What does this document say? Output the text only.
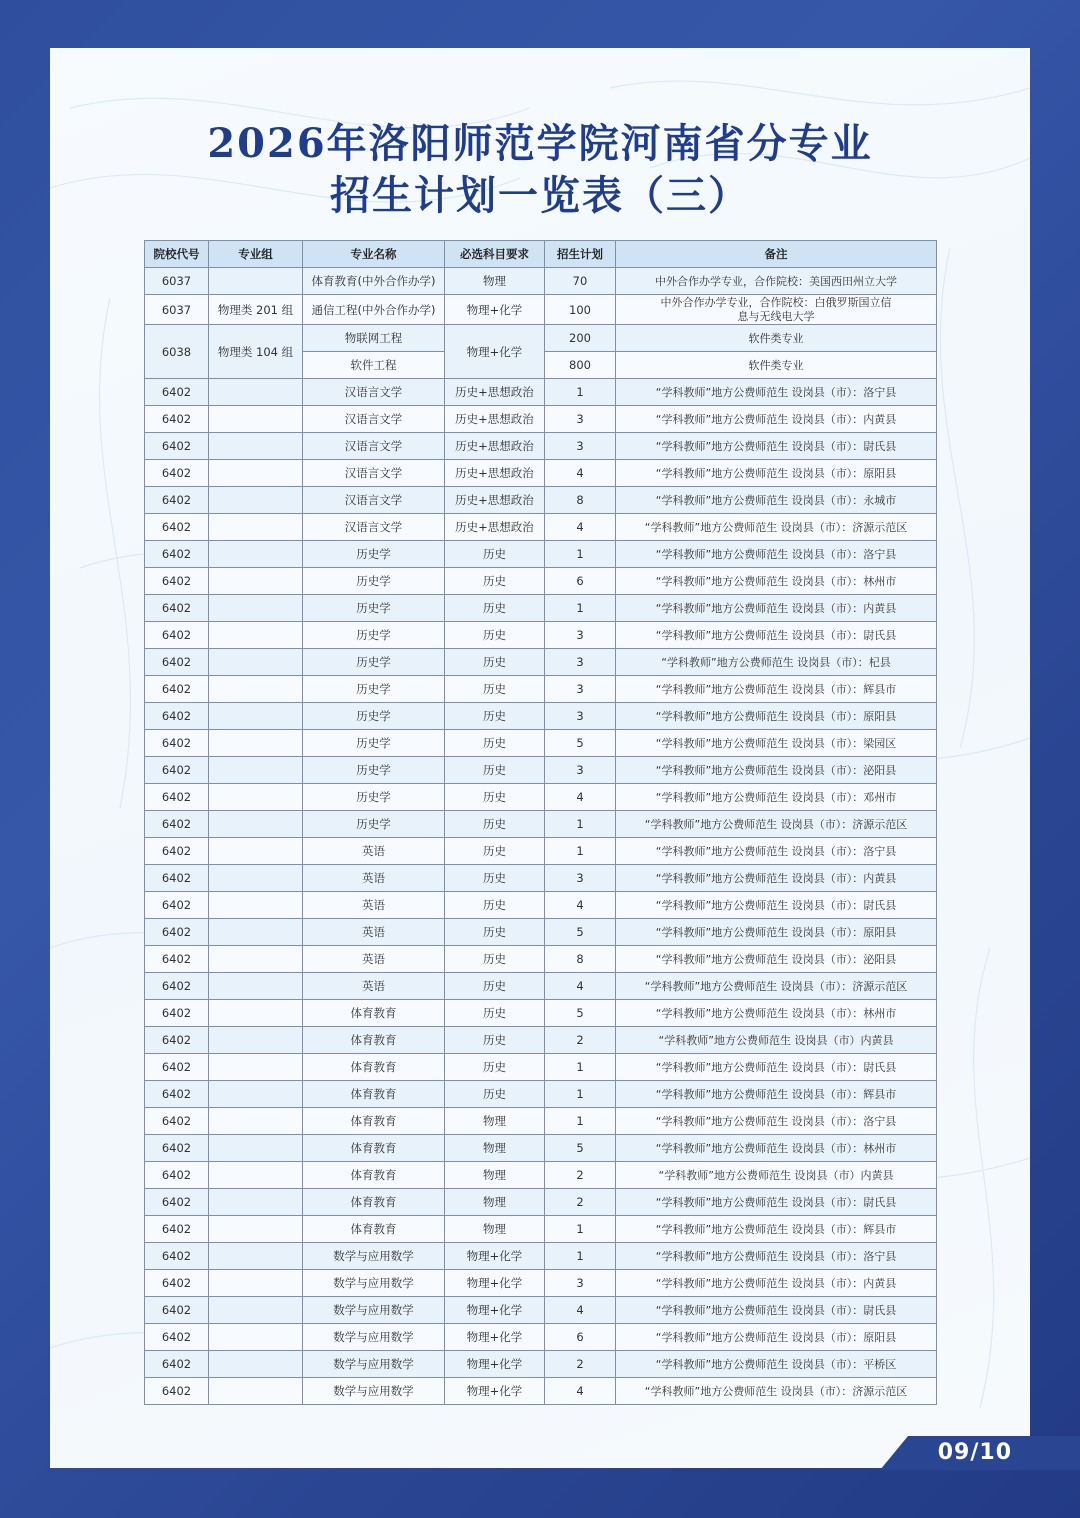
2026年洛阳师范学院河南省分专业
招生计划一览表（三）
院校代号	专业组	专业名称	必选科目要求	招生计划	备注
6037		体育教育(中外合作办学)	物理	70	中外合作办学专业，合作院校：美国西田州立大学
6037	物理类 201 组	通信工程(中外合作办学)	物理+化学	100	中外合作办学专业，合作院校：白俄罗斯国立信息与无线电大学
6038	物理类 104 组	物联网工程	物理+化学	200	软件类专业
		软件工程		800	软件类专业
6402		汉语言文学	历史+思想政治	1	“学科教师”地方公费师范生 设岗县（市）：洛宁县
6402		汉语言文学	历史+思想政治	3	“学科教师”地方公费师范生 设岗县（市）：内黄县
6402		汉语言文学	历史+思想政治	3	“学科教师”地方公费师范生 设岗县（市）：尉氏县
6402		汉语言文学	历史+思想政治	4	“学科教师”地方公费师范生 设岗县（市）：原阳县
6402		汉语言文学	历史+思想政治	8	“学科教师”地方公费师范生 设岗县（市）：永城市
6402		汉语言文学	历史+思想政治	4	“学科教师”地方公费师范生 设岗县（市）：济源示范区
6402		历史学	历史	1	“学科教师”地方公费师范生 设岗县（市）：洛宁县
6402		历史学	历史	6	“学科教师”地方公费师范生 设岗县（市）：林州市
6402		历史学	历史	1	“学科教师”地方公费师范生 设岗县（市）：内黄县
6402		历史学	历史	3	“学科教师”地方公费师范生 设岗县（市）：尉氏县
6402		历史学	历史	3	“学科教师”地方公费师范生 设岗县（市）：杞县
6402		历史学	历史	3	“学科教师”地方公费师范生 设岗县（市）：辉县市
6402		历史学	历史	3	“学科教师”地方公费师范生 设岗县（市）：原阳县
6402		历史学	历史	5	“学科教师”地方公费师范生 设岗县（市）：梁园区
6402		历史学	历史	3	“学科教师”地方公费师范生 设岗县（市）：泌阳县
6402		历史学	历史	4	“学科教师”地方公费师范生 设岗县（市）：邓州市
6402		历史学	历史	1	“学科教师”地方公费师范生 设岗县（市）：济源示范区
6402		英语	历史	1	“学科教师”地方公费师范生 设岗县（市）：洛宁县
6402		英语	历史	3	“学科教师”地方公费师范生 设岗县（市）：内黄县
6402		英语	历史	4	“学科教师”地方公费师范生 设岗县（市）：尉氏县
6402		英语	历史	5	“学科教师”地方公费师范生 设岗县（市）：原阳县
6402		英语	历史	8	“学科教师”地方公费师范生 设岗县（市）：泌阳县
6402		英语	历史	4	“学科教师”地方公费师范生 设岗县（市）：济源示范区
6402		体育教育	历史	5	“学科教师”地方公费师范生 设岗县（市）：林州市
6402		体育教育	历史	2	“学科教师”地方公费师范生 设岗县（市）内黄县
6402		体育教育	历史	1	“学科教师”地方公费师范生 设岗县（市）：尉氏县
6402		体育教育	历史	1	“学科教师”地方公费师范生 设岗县（市）：辉县市
6402		体育教育	物理	1	“学科教师”地方公费师范生 设岗县（市）：洛宁县
6402		体育教育	物理	5	“学科教师”地方公费师范生 设岗县（市）：林州市
6402		体育教育	物理	2	“学科教师”地方公费师范生 设岗县（市）内黄县
6402		体育教育	物理	2	“学科教师”地方公费师范生 设岗县（市）：尉氏县
6402		体育教育	物理	1	“学科教师”地方公费师范生 设岗县（市）：辉县市
6402		数学与应用数学	物理+化学	1	“学科教师”地方公费师范生 设岗县（市）：洛宁县
6402		数学与应用数学	物理+化学	3	“学科教师”地方公费师范生 设岗县（市）：内黄县
6402		数学与应用数学	物理+化学	4	“学科教师”地方公费师范生 设岗县（市）：尉氏县
6402		数学与应用数学	物理+化学	6	“学科教师”地方公费师范生 设岗县（市）：原阳县
6402		数学与应用数学	物理+化学	2	“学科教师”地方公费师范生 设岗县（市）：平桥区
6402		数学与应用数学	物理+化学	4	“学科教师”地方公费师范生 设岗县（市）：济源示范区
09/10
